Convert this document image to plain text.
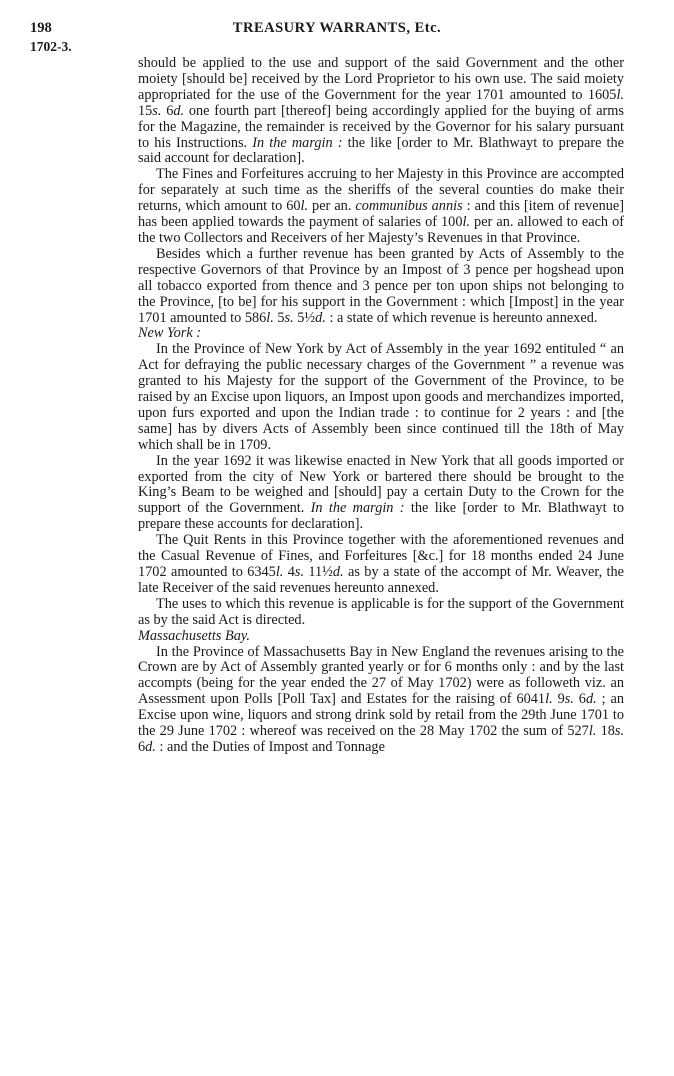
198	TREASURY WARRANTS, Etc.
1702-3.

should be applied to the use and support of the said Government and the other moiety [should be] received by the Lord Proprietor to his own use. The said moiety appropriated for the use of the Government for the year 1701 amounted to 1605l. 15s. 6d. one fourth part [thereof] being accordingly applied for the buying of arms for the Magazine, the remainder is received by the Governor for his salary pursuant to his Instructions. In the margin : the like [order to Mr. Blathwayt to prepare the said account for declaration].

The Fines and Forfeitures accruing to her Majesty in this Province are accompted for separately at such time as the sheriffs of the several counties do make their returns, which amount to 60l. per an. communibus annis : and this [item of revenue] has been applied towards the payment of salaries of 100l. per an. allowed to each of the two Collectors and Receivers of her Majesty’s Revenues in that Province.

Besides which a further revenue has been granted by Acts of Assembly to the respective Governors of that Province by an Impost of 3 pence per hogshead upon all tobacco exported from thence and 3 pence per ton upon ships not belonging to the Province, [to be] for his support in the Government : which [Impost] in the year 1701 amounted to 586l. 5s. 5½d. : a state of which revenue is hereunto annexed.

New York :

In the Province of New York by Act of Assembly in the year 1692 entituled “ an Act for defraying the public necessary charges of the Government ” a revenue was granted to his Majesty for the support of the Government of the Province, to be raised by an Excise upon liquors, an Impost upon goods and merchandizes imported, upon furs exported and upon the Indian trade : to continue for 2 years : and [the same] has by divers Acts of Assembly been since continued till the 18th of May which shall be in 1709.

In the year 1692 it was likewise enacted in New York that all goods imported or exported from the city of New York or bartered there should be brought to the King’s Beam to be weighed and [should] pay a certain Duty to the Crown for the support of the Government. In the margin : the like [order to Mr. Blathwayt to prepare these accounts for declaration].

The Quit Rents in this Province together with the aforementioned revenues and the Casual Revenue of Fines, and Forfeitures [&c.] for 18 months ended 24 June 1702 amounted to 6345l. 4s. 11½d. as by a state of the accompt of Mr. Weaver, the late Receiver of the said revenues hereunto annexed.

The uses to which this revenue is applicable is for the support of the Government as by the said Act is directed.

Massachusetts Bay.

In the Province of Massachusetts Bay in New England the revenues arising to the Crown are by Act of Assembly granted yearly or for 6 months only : and by the last accompts (being for the year ended the 27 of May 1702) were as followeth viz. an Assessment upon Polls [Poll Tax] and Estates for the raising of 6041l. 9s. 6d. ; an Excise upon wine, liquors and strong drink sold by retail from the 29th June 1701 to the 29 June 1702 : whereof was received on the 28 May 1702 the sum of 527l. 18s. 6d. : and the Duties of Impost and Tonnage
